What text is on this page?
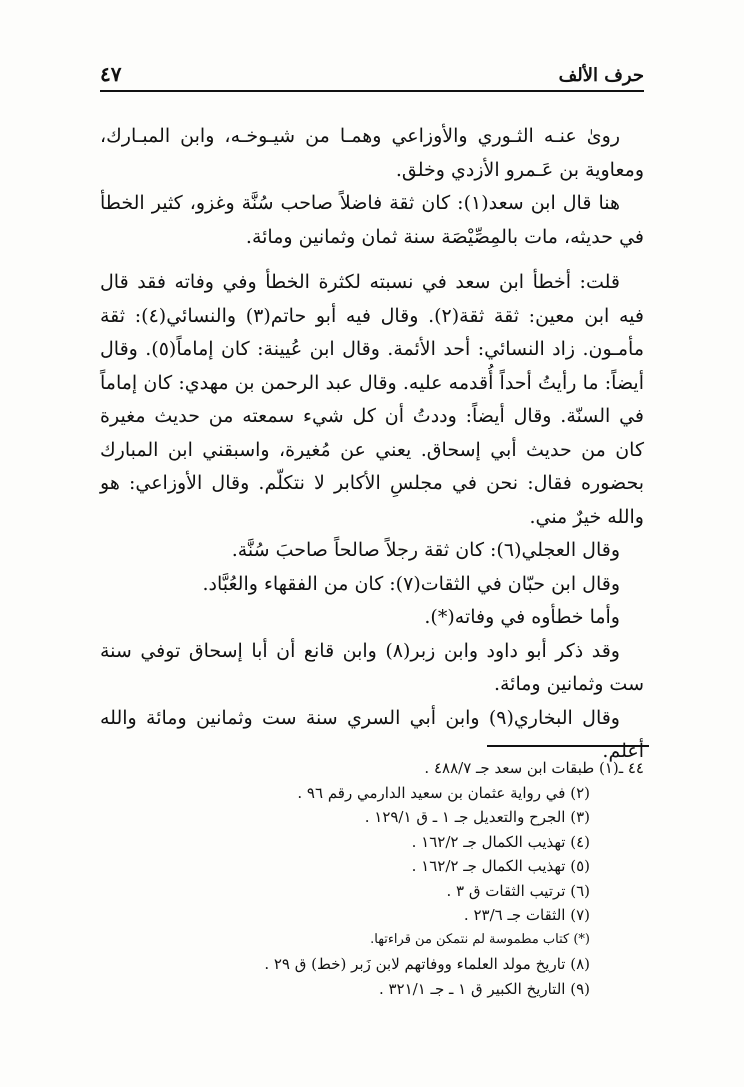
حرف الألف
٤٧

روىٰ عنـه الثـوري والأوزاعي وهمـا من شيـوخـه، وابن المبـارك، ومعاوية بن عَـمرو الأزدي وخلق.

هنا قال ابن سعد(١): كان ثقة فاضلاً صاحب سُنَّة وغزو، كثير الخطأ في حديثه، مات بالمِصِّيْصَة سنة ثمان وثمانين ومائة.

قلت: أخطأ ابن سعد في نسبته لكثرة الخطأ وفي وفاته فقد قال فيه ابن معين: ثقة ثقة(٢). وقال فيه أبو حاتم(٣) والنسائي(٤): ثقة مأمـون. زاد النسائي: أحد الأئمة. وقال ابن عُيينة: كان إماماً(٥). وقال أيضاً: ما رأيتُ أحداً أُقدمه عليه. وقال عبد الرحمن بن مهدي: كان إماماً في السنّة. وقال أيضاً: وددتُ أن كل شيء سمعته من حديث مغيرة كان من حديث أبي إسحاق. يعني عن مُغيرة، واسبقني ابن المبارك بحضوره فقال: نحن في مجلسِ الأكابر لا نتكلّم. وقال الأوزاعي: هو والله خيرٌ مني.

وقال العجلي(٦): كان ثقة رجلاً صالحاً صاحبَ سُنَّة.

وقال ابن حبّان في الثقات(٧): كان من الفقهاء والعُبَّاد.

وأما خطأوه في وفاته(*).

وقد ذكر أبو داود وابن زبر(٨) وابن قانع أن أبا إسحاق توفي سنة ست وثمانين ومائة.

وقال البخاري(٩) وابن أبي السري سنة ست وثمانين ومائة والله أعلم.

٤٤ ـ(١) طبقات ابن سعد جـ ٤٨٨/٧ .
(٢) في رواية عثمان بن سعيد الدارمي رقم ٩٦ .
(٣) الجرح والتعديل جـ ١ ـ ق ١٢٩/١ .
(٤) تهذيب الكمال جـ ١٦٢/٢ .
(٥) تهذيب الكمال جـ ١٦٢/٢ .
(٦) ترتيب الثقات ق ٣ .
(٧) الثقات جـ ٢٣/٦ .
(*) كتاب مطموسة لم نتمكن من قراءتها.
(٨) تاريخ مولد العلماء ووفاتهم لابن زَبر (خط) ق ٢٩ .
(٩) التاريخ الكبير ق ١ ـ جـ ٣٢١/١ .
